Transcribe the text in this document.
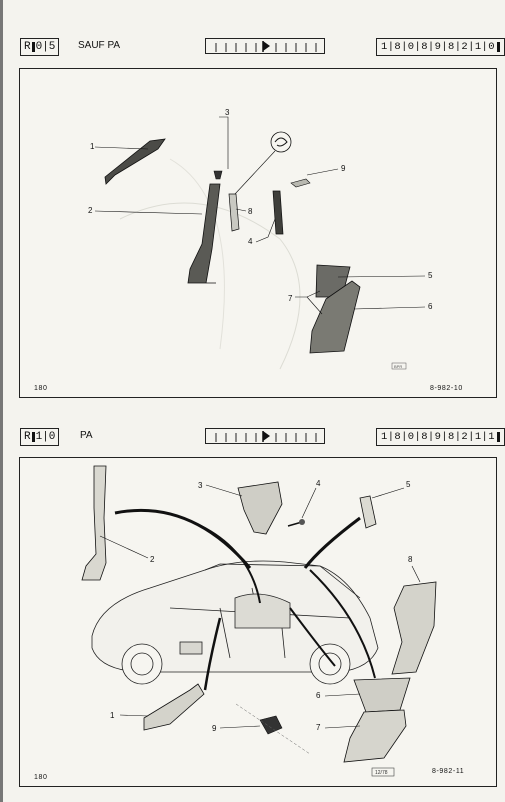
R 0|5 SAUF PA	1|8|0|8|9|8|2|1|0
1
2
3
8
4
9
5
6
7
BPR
180	8-982-10
R 1|0 PA	1|8|0|8|9|8|2|1|1
2
3	4	5
8
6
7
1
9
12/78
180
8-982-11
